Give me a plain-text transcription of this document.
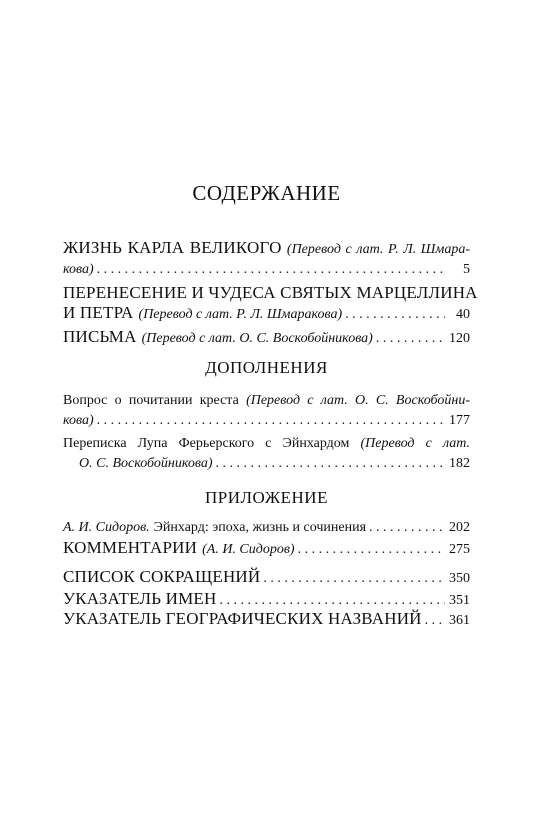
СОДЕРЖАНИЕ
ЖИЗНЬ КАРЛА ВЕЛИКОГО (Перевод с лат. Р. Л. Шмара-
кова) . . .	5
ПЕРЕНЕСЕНИЕ И ЧУДЕСА СВЯТЫХ МАРЦЕЛЛИНА
И ПЕТРА (Перевод с лат. Р. Л. Шмаракова) . . .	40
ПИСЬМА (Перевод с лат. О. С. Воскобойникова) . . .	120
ДОПОЛНЕНИЯ
Вопрос о почитании креста (Перевод с лат. О. С. Воскобойни-
кова) . . .	177
Переписка Лупа Ферьерского с Эйнхардом (Перевод с лат.
О. С. Воскобойникова) . . .	182
ПРИЛОЖЕНИЕ
А. И. Сидоров. Эйнхард: эпоха, жизнь и сочинения . . .	202
КОММЕНТАРИИ (А. И. Сидоров) . . .	275
СПИСОК СОКРАЩЕНИЙ . . .	350
УКАЗАТЕЛЬ ИМЕН . . .	351
УКАЗАТЕЛЬ ГЕОГРАФИЧЕСКИХ НАЗВАНИЙ . . . 361
